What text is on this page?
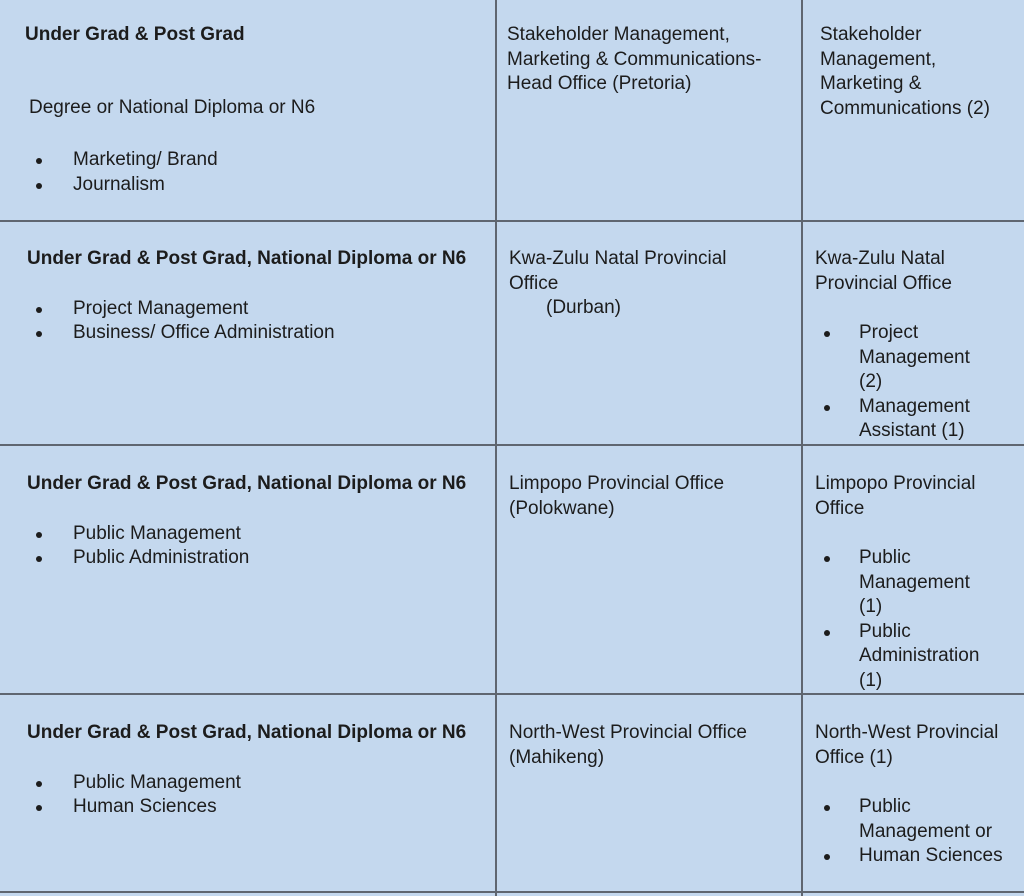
Under Grad & Post Grad
Degree or National Diploma or N6
Marketing/ Brand
Journalism
Stakeholder Management,
Marketing & Communications-
Head Office (Pretoria)
Stakeholder
Management,
Marketing &
Communications (2)
Under Grad & Post Grad, National Diploma or N6
Project Management
Business/ Office Administration
Kwa-Zulu Natal Provincial
Office
(Durban)
Kwa-Zulu Natal
Provincial Office
Project Management (2)
Management Assistant (1)
Under Grad & Post Grad, National Diploma or N6
Public Management
Public Administration
Limpopo Provincial Office
(Polokwane)
Limpopo Provincial
Office
Public Management (1)
Public Administration (1)
Under Grad & Post Grad, National Diploma or N6
Public Management
Human Sciences
North-West Provincial Office
(Mahikeng)
North-West Provincial
Office (1)
Public Management or
Human Sciences
